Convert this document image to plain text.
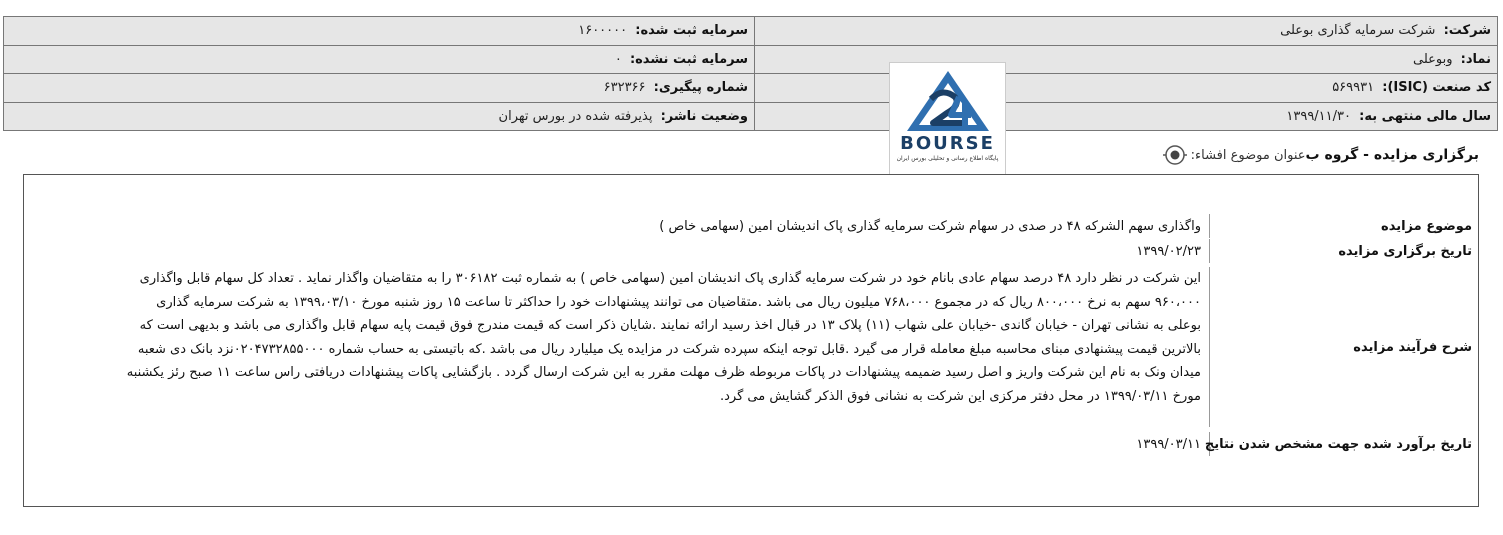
شرکت: شرکت سرمایه گذاری بوعلی	سرمایه ثبت شده: ۱۶۰۰۰۰۰
نماد: وبوعلی	سرمایه ثبت نشده: ۰
کد صنعت (ISIC): ۵۶۹۹۳۱	شماره پیگیری: ۶۳۲۳۶۶
سال مالی منتهی به: ۱۳۹۹/۱۱/۳۰	وضعیت ناشر: پذیرفته شده در بورس تهران
BOURSE
پایگاه اطلاع رسانی و تحلیلی بورس ایران	عنوان موضوع افشاء: برگزاری مزایده - گروه ب
موضوع مزایده
واگذاری سهم الشرکه ۴۸ در صدی در سهام شرکت سرمایه گذاری پاک اندیشان امین (سهامی خاص )
تاریخ برگزاری مزایده
۱۳۹۹/۰۲/۲۳
شرح فرآیند مزایده
این شرکت در نظر دارد ۴۸ درصد سهام عادی بانام خود در شرکت سرمایه گذاری پاک اندیشان امین (سهامی خاص ) به شماره ثبت ۳۰۶۱۸۲ را به متقاضیان واگذار نماید . تعداد کل سهام قابل واگذاری
۹۶۰،۰۰۰ سهم به نرخ ۸۰۰،۰۰۰ ریال که در مجموع ۷۶۸،۰۰۰ میلیون ریال می باشد .متقاضیان می توانند پیشنهادات خود را حداکثر تا ساعت ۱۵ روز شنبه مورخ ۱۳۹۹،۰۳/۱۰ به شرکت سرمایه گذاری
بوعلی به نشانی تهران - خیابان گاندی -خیابان علی شهاب (۱۱) پلاک ۱۳ در قبال اخذ رسید ارائه نمایند .شایان ذکر است که قیمت مندرج فوق قیمت پایه سهام قابل واگذاری می باشد و بدیهی است که
بالاترین قیمت پیشنهادی مبنای محاسبه مبلغ معامله قرار می گیرد .قابل توجه اینکه سپرده شرکت در مزایده یک میلیارد ریال می باشد .که باتیستی به حساب شماره ۰۲۰۴۷۳۲۸۵۵۰۰۰نزد بانک دی شعبه
میدان ونک به نام این شرکت واریز و اصل رسید ضمیمه پیشنهادات در پاکات مربوطه ظرف مهلت مقرر به این شرکت ارسال گردد . بازگشایی پاکات پیشنهادات دریافتی راس ساعت ۱۱ صبح رئز یکشنبه
مورخ ۱۳۹۹/۰۳/۱۱ در محل دفتر مرکزی این شرکت به نشانی فوق الذکر گشایش می گرد.
تاریخ برآورد شده جهت مشخص شدن نتایج
۱۳۹۹/۰۳/۱۱
